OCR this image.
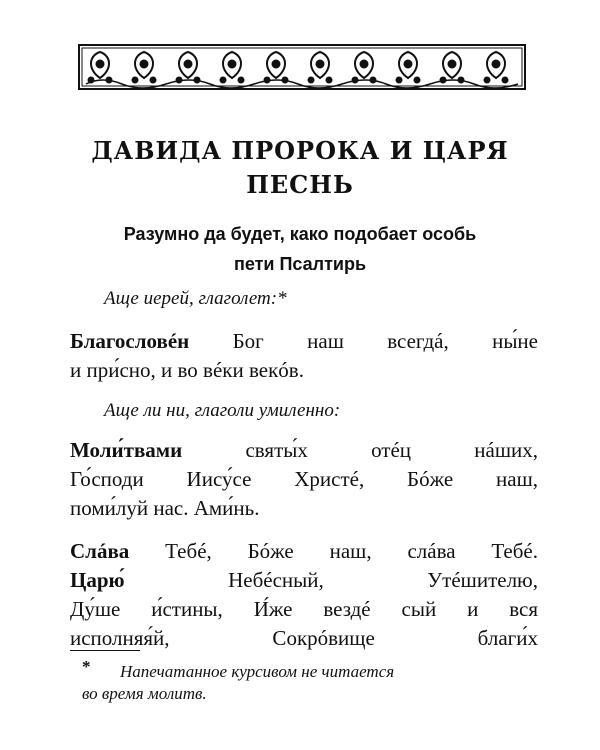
ДАВИДА ПРОРОКА И ЦАРЯ
ПЕСНЬ
Разумно да будет, како подобает особь
пети Псалтирь
Аще иерей, глаголет:*
Благословéн Бог наш всегдá, ны́не
и при́сно, и во вéки векóв.
Аще ли ни, глаголи умиленно:
Моли́твами святы́х отéц нáших,
Го́споди Иису́се Христé, Бóже наш,
поми́луй нас. Ами́нь.
Слáва Тебé, Бóже наш, слáва Тебé.
Царю́ Небéсный, Утéшителю,
Ду́ше и́стины, И́же вездé сый и вся
исполняя́й, Сокрóвище благи́х
* Напечатанное курсивом не читается
во время молитв.
